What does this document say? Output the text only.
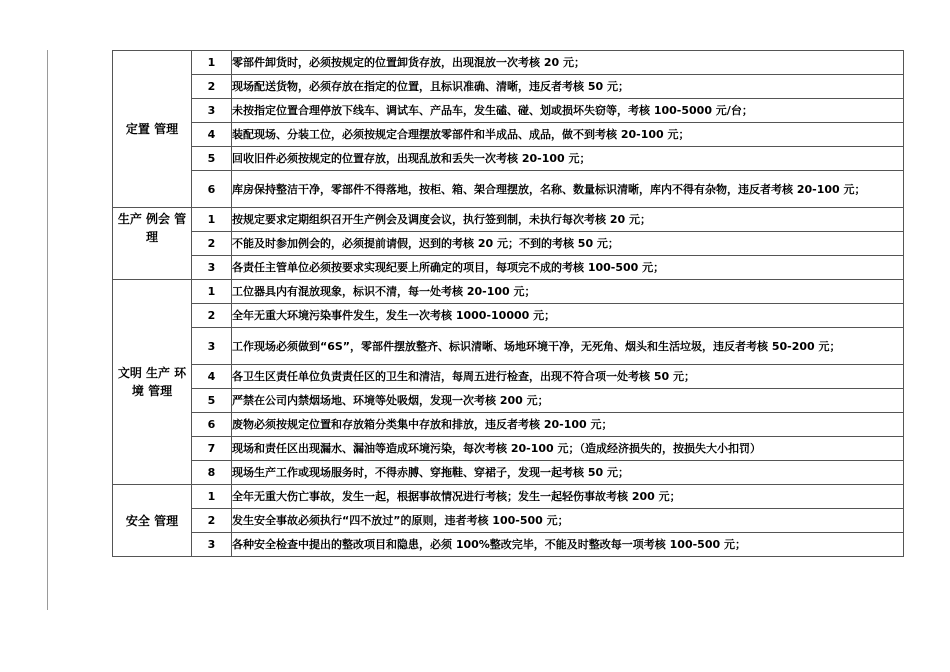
定置 管理	1	零部件卸货时，必须按规定的位置卸货存放，出现混放一次考核 20 元；
	2	现场配送货物，必须存放在指定的位置，且标识准确、清晰，违反者考核 50 元；
	3	未按指定位置合理停放下线车、调试车、产品车，发生磕、碰、划或损坏失窃等，考核 100-5000 元/台；
	4	装配现场、分装工位，必须按规定合理摆放零部件和半成品、成品，做不到考核 20-100 元；
	5	回收旧件必须按规定的位置存放，出现乱放和丢失一次考核 20-100 元；
	6	库房保持整洁干净，零部件不得落地，按柜、箱、架合理摆放，名称、数量标识清晰，库内不得有杂物，违反者考核 20-100 元；
生产 例会 管理	1	按规定要求定期组织召开生产例会及调度会议，执行签到制，未执行每次考核 20 元；
	2	不能及时参加例会的，必须提前请假，迟到的考核 20 元；不到的考核 50 元；
	3	各责任主管单位必须按要求实现纪要上所确定的项目，每项完不成的考核 100-500 元；
文明 生产 环境 管理	1	工位器具内有混放现象，标识不清，每一处考核 20-100 元；
	2	全年无重大环境污染事件发生，发生一次考核 1000-10000 元；
	3	工作现场必须做到“6S”，零部件摆放整齐、标识清晰、场地环境干净，无死角、烟头和生活垃圾，违反者考核 50-200 元；
	4	各卫生区责任单位负责责任区的卫生和清洁，每周五进行检查，出现不符合项一处考核 50 元；
	5	严禁在公司内禁烟场地、环境等处吸烟，发现一次考核 200 元；
	6	废物必须按规定位置和存放箱分类集中存放和排放，违反者考核 20-100 元；
	7	现场和责任区出现漏水、漏油等造成环境污染，每次考核 20-100 元；（造成经济损失的，按损失大小扣罚）
	8	现场生产工作或现场服务时，不得赤膊、穿拖鞋、穿裙子，发现一起考核 50 元；
安全 管理	1	全年无重大伤亡事故，发生一起，根据事故情况进行考核；发生一起轻伤事故考核 200 元；
	2	发生安全事故必须执行“四不放过”的原则，违者考核 100-500 元；
	3	各种安全检查中提出的整改项目和隐患，必须 100%整改完毕，不能及时整改每一项考核 100-500 元；
